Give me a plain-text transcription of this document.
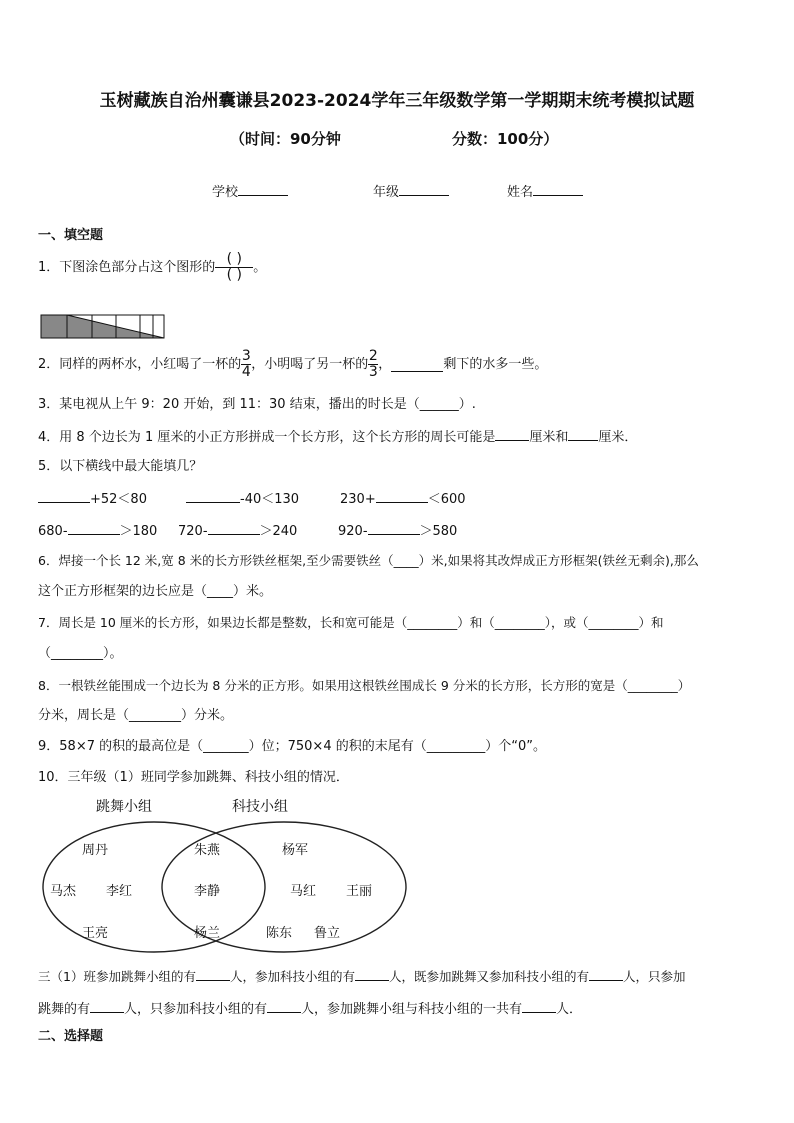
玉树藏族自治州囊谦县2023-2024学年三年级数学第一学期期末统考模拟试题
（时间：90分钟	分数：100分）
学校	年级	姓名
一、填空题
1．下图涂色部分占这个图形的 $\frac{( )}{( )}$ 。
2．同样的两杯水，小红喝了一杯的 $\frac{3}{4}$ ，小明喝了另一杯的 $\frac{2}{3}$ ，	剩下的水多一些。
3．某电视从上午 9：20 开始，到 11：30 结束，播出的时长是（______）.
4．用 8 个边长为 1 厘米的小正方形拼成一个长方形，这个长方形的周长可能是	厘米和 厘米．
5．以下横线中最大能填几？
+52＜80	-40＜130	230+	＜600
680-	＞180 720-	＞240	920-	＞580
6．焊接一个长 12 米,宽 8 米的长方形铁丝框架,至少需要铁丝（____）米,如果将其改焊成正方形框架(铁丝无剩余),那么
这个正方形框架的边长应是（____）米。
7．周长是 10 厘米的长方形，如果边长都是整数，长和宽可能是（________）和（________），或（________）和
（________）。
8．一根铁丝能围成一个边长为 8 分米的正方形。如果用这根铁丝围成长 9 分米的长方形，长方形的宽是（________）
分米，周长是（________）分米。
9．58×7 的积的最高位是（_______）位；750×4 的积的末尾有（_________）个“0”。
10．三年级（1）班同学参加跳舞、科技小组的情况．
跳舞小组	科技小组
周丹
马杰 李红
王亮
朱燕
李静
杨兰
杨军
马红 王丽
陈东 鲁立
三（1）班参加跳舞小组的有	人，参加科技小组的有	人，既参加跳舞又参加科技小组的有	人，只参加
跳舞的有	人，只参加科技小组的有	人，参加跳舞小组与科技小组的一共有	人．
二、选择题
